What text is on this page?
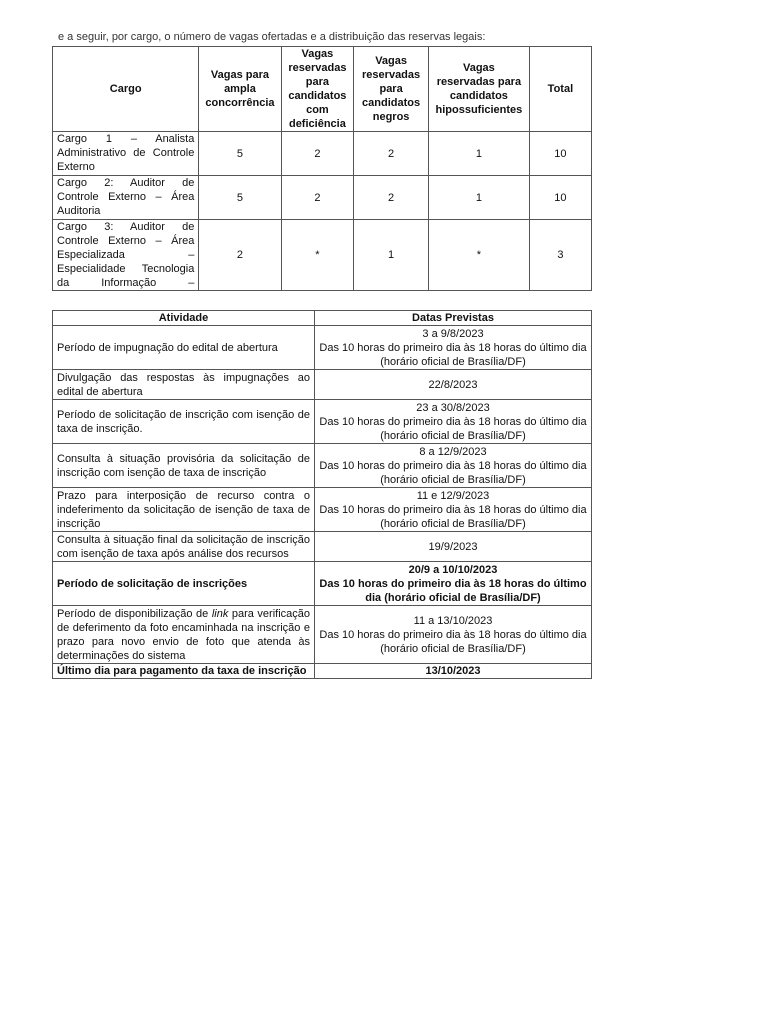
e a seguir, por cargo, o número de vagas ofertadas e a distribuição das reservas legais:
Cargo	Vagas para ampla concorrência	Vagas reservadas para candidatos com deficiência	Vagas reservadas para candidatos negros	Vagas reservadas para candidatos hipossuficientes	Total
Cargo 1 – Analista Administrativo de Controle Externo	5	2	2	1	10
Cargo 2: Auditor de Controle Externo – Área Auditoria	5	2	2	1	10

Cargo 3: Auditor de Controle Externo – Área Especializada – Especialidade Tecnologia da Informação –	2	*	1	*	3
Atividade	Datas Previstas
Período de impugnação do edital de abertura	3 a 9/8/2023
Das 10 horas do primeiro dia às 18 horas do último dia (horário oficial de Brasília/DF)

Divulgação das respostas às impugnações ao edital de abertura	22/8/2023

Período de solicitação de inscrição com isenção de taxa de inscrição.	23 a 30/8/2023
Das 10 horas do primeiro dia às 18 horas do último dia (horário oficial de Brasília/DF)

Consulta à situação provisória da solicitação de inscrição com isenção de taxa de inscrição	8 a 12/9/2023
Das 10 horas do primeiro dia às 18 horas do último dia (horário oficial de Brasília/DF)

Prazo para interposição de recurso contra o indeferimento da solicitação de isenção de taxa de inscrição	11 e 12/9/2023
Das 10 horas do primeiro dia às 18 horas do último dia (horário oficial de Brasília/DF)

Consulta à situação final da solicitação de inscrição com isenção de taxa após análise dos recursos	19/9/2023

Período de solicitação de inscrições	20/9 a 10/10/2023
Das 10 horas do primeiro dia às 18 horas do último dia (horário oficial de Brasília/DF)

Período de disponibilização de link para verificação de deferimento da foto encaminhada na inscrição e prazo para novo envio de foto que atenda às determinações do sistema	11 a 13/10/2023
Das 10 horas do primeiro dia às 18 horas do último dia (horário oficial de Brasília/DF)

Último dia para pagamento da taxa de inscrição	13/10/2023
